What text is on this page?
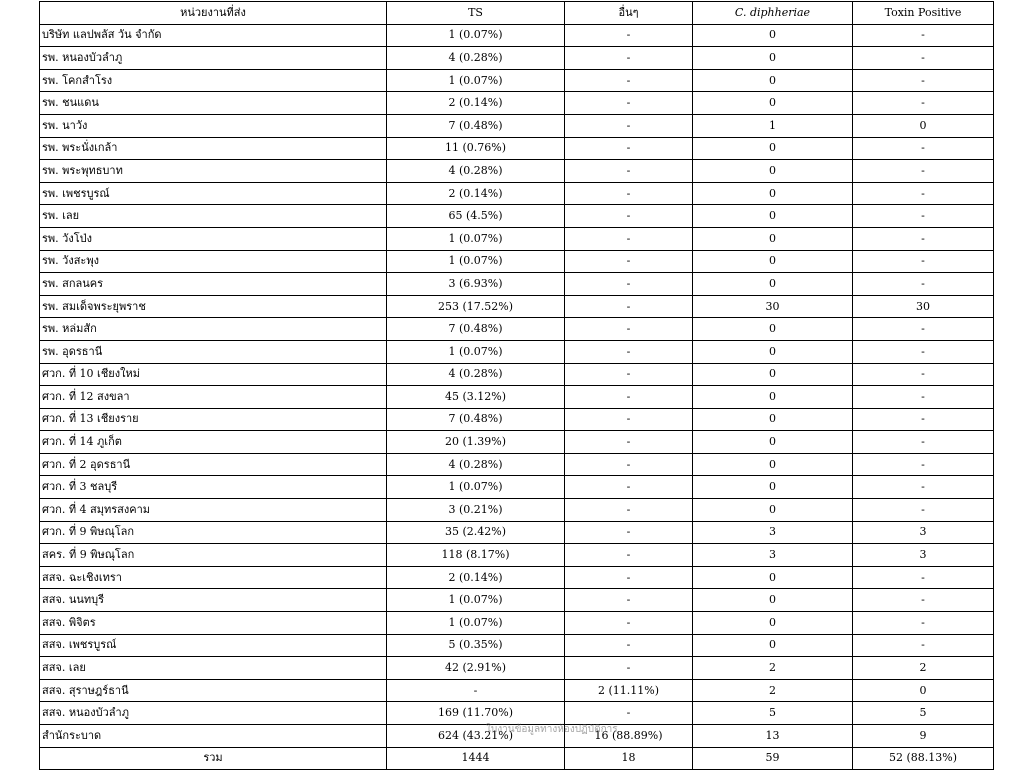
หน่วยงานที่ส่ง	TS	อื่นๆ	C. diphheriae	Toxin Positive
บริษัท แลปพลัส วัน จำกัด	1 (0.07%)	-	0	-
รพ. หนองบัวลำภู	4 (0.28%)	-	0	-
รพ. โคกสำโรง	1 (0.07%)	-	0	-
รพ. ชนแดน	2 (0.14%)	-	0	-
รพ. นาวัง	7 (0.48%)	-	1	0
รพ. พระนั่งเกล้า	11 (0.76%)	-	0	-
รพ. พระพุทธบาท	4 (0.28%)	-	0	-
รพ. เพชรบูรณ์	2 (0.14%)	-	0	-
รพ. เลย	65 (4.5%)	-	0	-
รพ. วังโป่ง	1 (0.07%)	-	0	-
รพ. วังสะพุง	1 (0.07%)	-	0	-
รพ. สกลนคร	3 (6.93%)	-	0	-
รพ. สมเด็จพระยุพราช	253 (17.52%)	-	30	30
รพ. หล่มสัก	7 (0.48%)	-	0	-
รพ. อุดรธานี	1 (0.07%)	-	0	-
ศวก. ที่ 10 เชียงใหม่	4 (0.28%)	-	0	-
ศวก. ที่ 12 สงขลา	45 (3.12%)	-	0	-
ศวก. ที่ 13 เชียงราย	7 (0.48%)	-	0	-
ศวก. ที่ 14 ภูเก็ต	20 (1.39%)	-	0	-
ศวก. ที่ 2 อุดรธานี	4 (0.28%)	-	0	-
ศวก. ที่ 3 ชลบุรี	1 (0.07%)	-	0	-
ศวก. ที่ 4 สมุทรสงคาม	3 (0.21%)	-	0	-
ศวก. ที่ 9 พิษณุโลก	35 (2.42%)	-	3	3
สคร. ที่ 9 พิษณุโลก	118 (8.17%)	-	3	3
สสจ. ฉะเชิงเทรา	2 (0.14%)	-	0	-
สสจ. นนทบุรี	1 (0.07%)	-	0	-
สสจ. พิจิตร	1 (0.07%)	-	0	-
สสจ. เพชรบูรณ์	5 (0.35%)	-	0	-
สสจ. เลย	42 (2.91%)	-	2	2
สสจ. สุราษฎร์ธานี	-	2 (11.11%)	2	0
สสจ. หนองบัวลำภู	169 (11.70%)	-	5	5
สำนักระบาด	624 (43.21%)	16 (88.89%)	13	9
รวม	1444	18	59	52 (88.13%)
ใบงานข้อมูลทางห้องปฏิบัติการ
